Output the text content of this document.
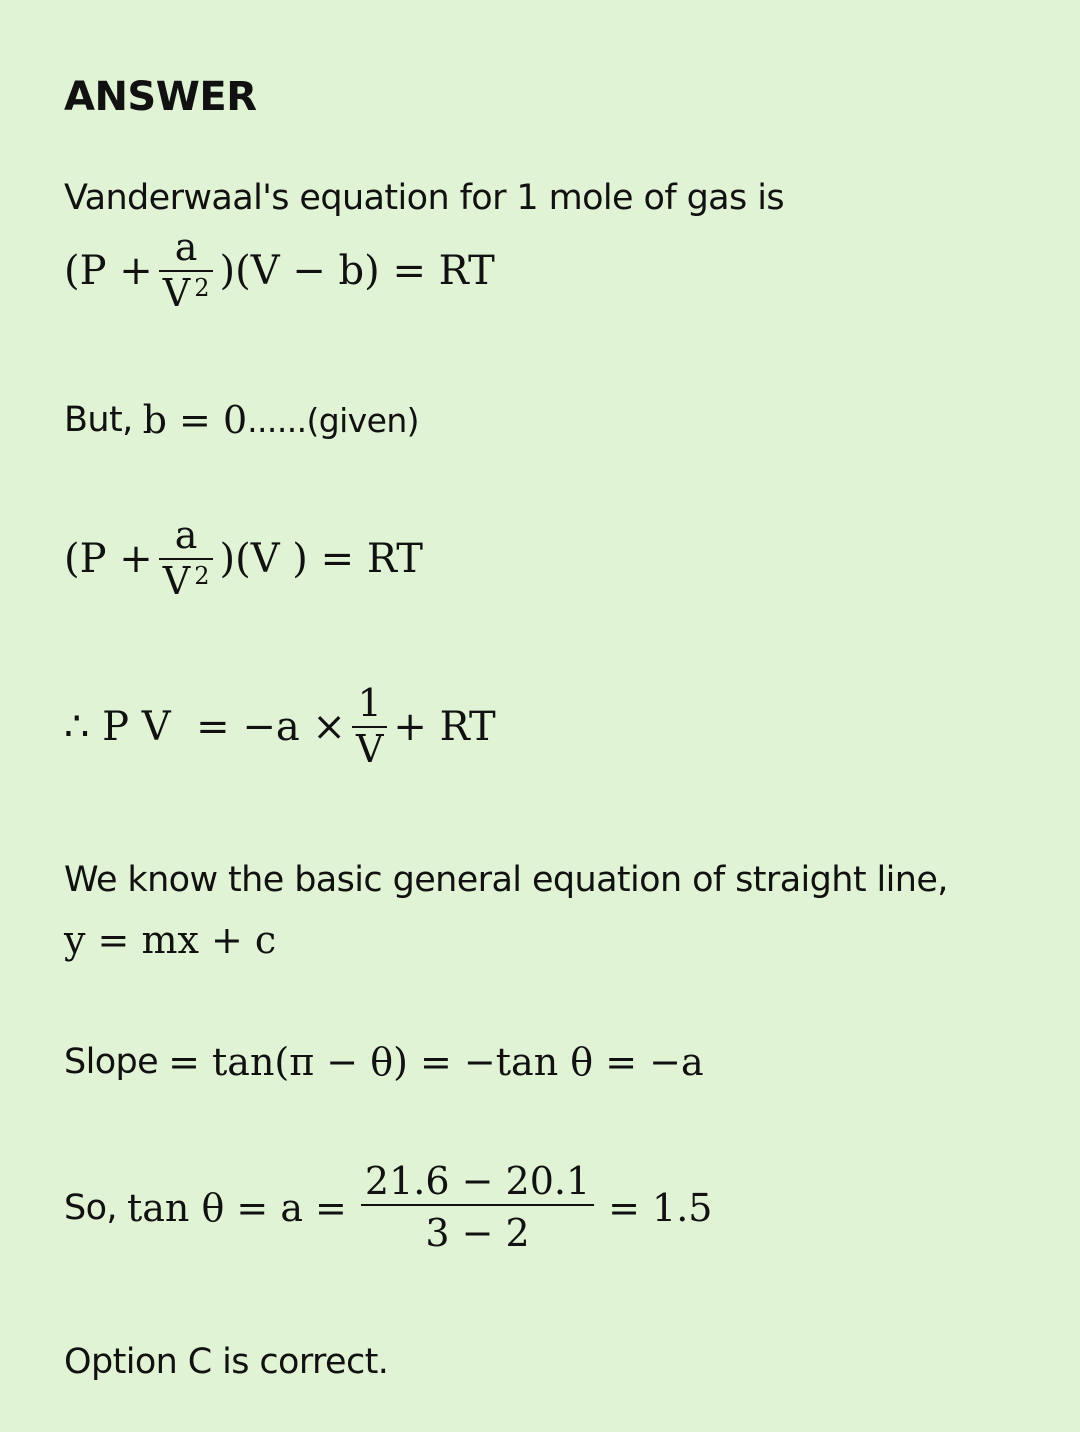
ANSWER
Vanderwaal's equation for 1 mole of gas is
$(P + \frac{a}{V ^2} )(V - b)$ = RT
But, b = 0 ......(given)
$(P + \frac{a}{V ^2} )(V$ ) = RT
∴ P $V = -a \times \frac{1}{V}$ + RT
We know the basic general equation of straight line,
y = mx + c
Slope = tan(π − θ) = −tan θ = −a
So, $\tan \theta = a = \frac{21.6 - 20.1}{3 - 2} = 1.5$
Option C is correct.
